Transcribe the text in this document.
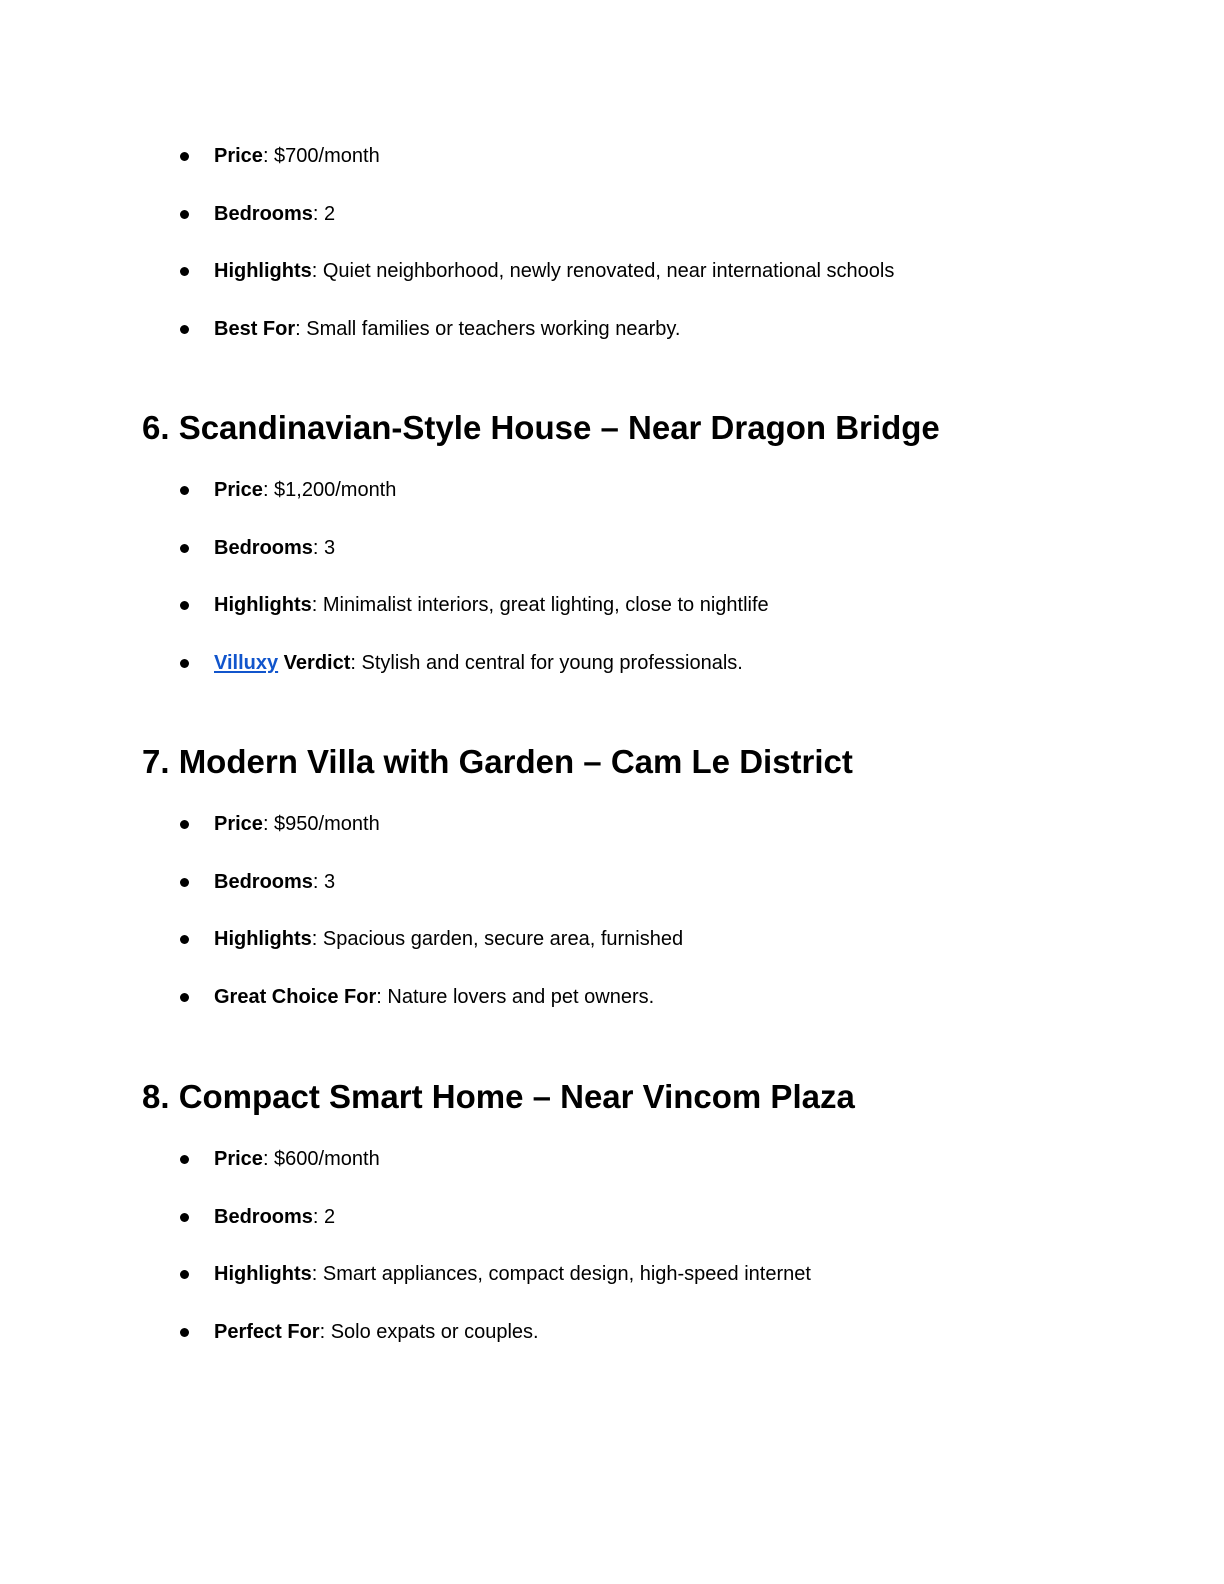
Price: $700/month
Bedrooms: 2
Highlights: Quiet neighborhood, newly renovated, near international schools
Best For: Small families or teachers working nearby.
6. Scandinavian-Style House – Near Dragon Bridge
Price: $1,200/month
Bedrooms: 3
Highlights: Minimalist interiors, great lighting, close to nightlife
Villuxy Verdict: Stylish and central for young professionals.
7. Modern Villa with Garden – Cam Le District
Price: $950/month
Bedrooms: 3
Highlights: Spacious garden, secure area, furnished
Great Choice For: Nature lovers and pet owners.
8. Compact Smart Home – Near Vincom Plaza
Price: $600/month
Bedrooms: 2
Highlights: Smart appliances, compact design, high-speed internet
Perfect For: Solo expats or couples.
